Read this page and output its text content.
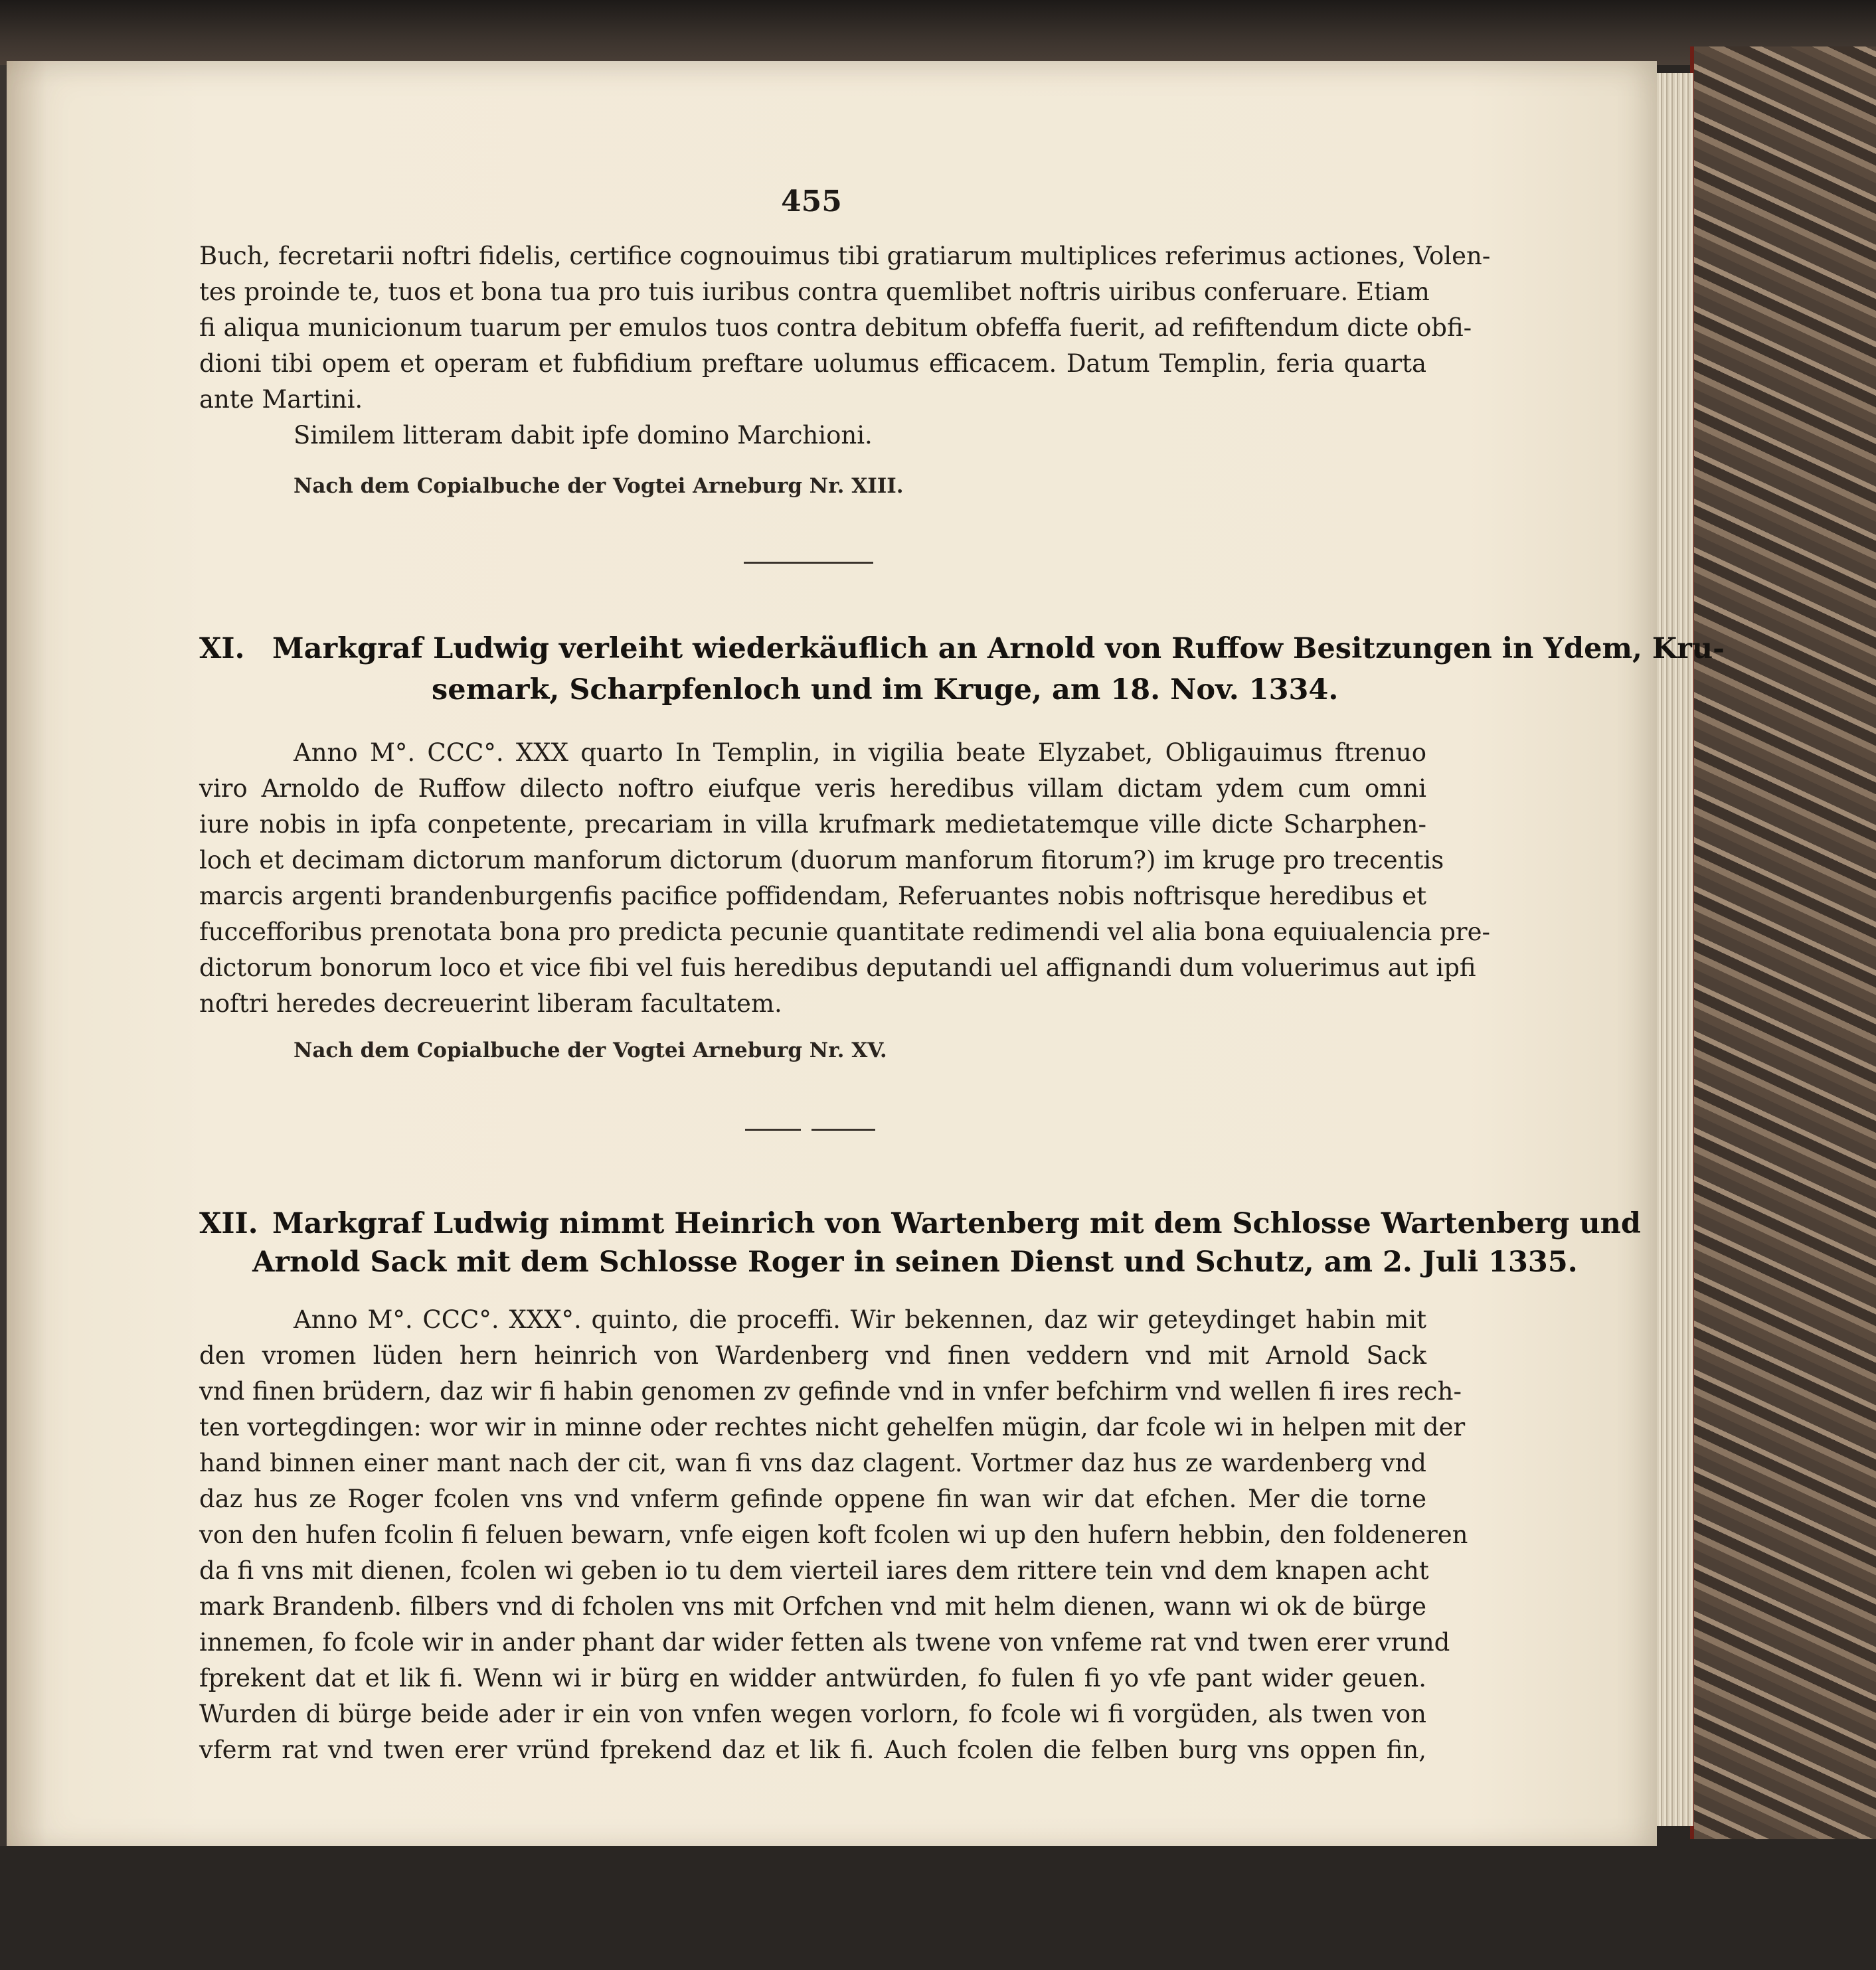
455
Buch, fecretarii noftri fidelis, certifice cognouimus tibi gratiarum multiplices referimus actiones, Volen-
tes proinde te, tuos et bona tua pro tuis iuribus contra quemlibet noftris uiribus conferuare. Etiam
fi aliqua municionum tuarum per emulos tuos contra debitum obfeffa fuerit, ad refiftendum dicte obfi-
dioni tibi opem et operam et fubfidium preftare uolumus efficacem. Datum Templin, feria quarta
ante Martini.
Similem litteram dabit ipfe domino Marchioni.
Nach dem Copialbuche der Vogtei Arneburg Nr. XIII.
XI. Markgraf Ludwig verleiht wiederkäuflich an Arnold von Ruffow Besitzungen in Ydem, Kru-
semark, Scharpfenloch und im Kruge, am 18. Nov. 1334.
Anno M°. CCC°. XXX quarto In Templin, in vigilia beate Elyzabet, Obligauimus ftrenuo
viro Arnoldo de Ruffow dilecto noftro eiufque veris heredibus villam dictam ydem cum omni
iure nobis in ipfa conpetente, precariam in villa krufmark medietatemque ville dicte Scharphen-
loch et decimam dictorum manforum dictorum (duorum manforum fitorum?) im kruge pro trecentis
marcis argenti brandenburgenfis pacifice poffidendam, Referuantes nobis noftrisque heredibus et
fuccefforibus prenotata bona pro predicta pecunie quantitate redimendi vel alia bona equiualencia pre-
dictorum bonorum loco et vice fibi vel fuis heredibus deputandi uel affignandi dum voluerimus aut ipfi
noftri heredes decreuerint liberam facultatem.
Nach dem Copialbuche der Vogtei Arneburg Nr. XV.
XII. Markgraf Ludwig nimmt Heinrich von Wartenberg mit dem Schlosse Wartenberg und
Arnold Sack mit dem Schlosse Roger in seinen Dienst und Schutz, am 2. Juli 1335.
Anno M°. CCC°. XXX°. quinto, die proceffi. Wir bekennen, daz wir geteydinget habin mit
den vromen lüden hern heinrich von Wardenberg vnd finen veddern vnd mit Arnold Sack
vnd finen brüdern, daz wir fi habin genomen zv gefinde vnd in vnfer befchirm vnd wellen fi ires rech-
ten vortegdingen: wor wir in minne oder rechtes nicht gehelfen mügin, dar fcole wi in helpen mit der
hand binnen einer mant nach der cit, wan fi vns daz clagent. Vortmer daz hus ze wardenberg vnd
daz hus ze Roger fcolen vns vnd vnferm gefinde oppene fin wan wir dat efchen. Mer die torne
von den hufen fcolin fi feluen bewarn, vnfe eigen koft fcolen wi up den hufern hebbin, den foldeneren
da fi vns mit dienen, fcolen wi geben io tu dem vierteil iares dem rittere tein vnd dem knapen acht
mark Brandenb. filbers vnd di fcholen vns mit Orfchen vnd mit helm dienen, wann wi ok de bürge
innemen, fo fcole wir in ander phant dar wider fetten als twene von vnfeme rat vnd twen erer vrund
fprekent dat et lik fi. Wenn wi ir bürg en widder antwürden, fo fulen fi yo vfe pant wider geuen.
Wurden di bürge beide ader ir ein von vnfen wegen vorlorn, fo fcole wi fi vorgüden, als twen von
vferm rat vnd twen erer vründ fprekend daz et lik fi. Auch fcolen die felben burg vns oppen fin,
